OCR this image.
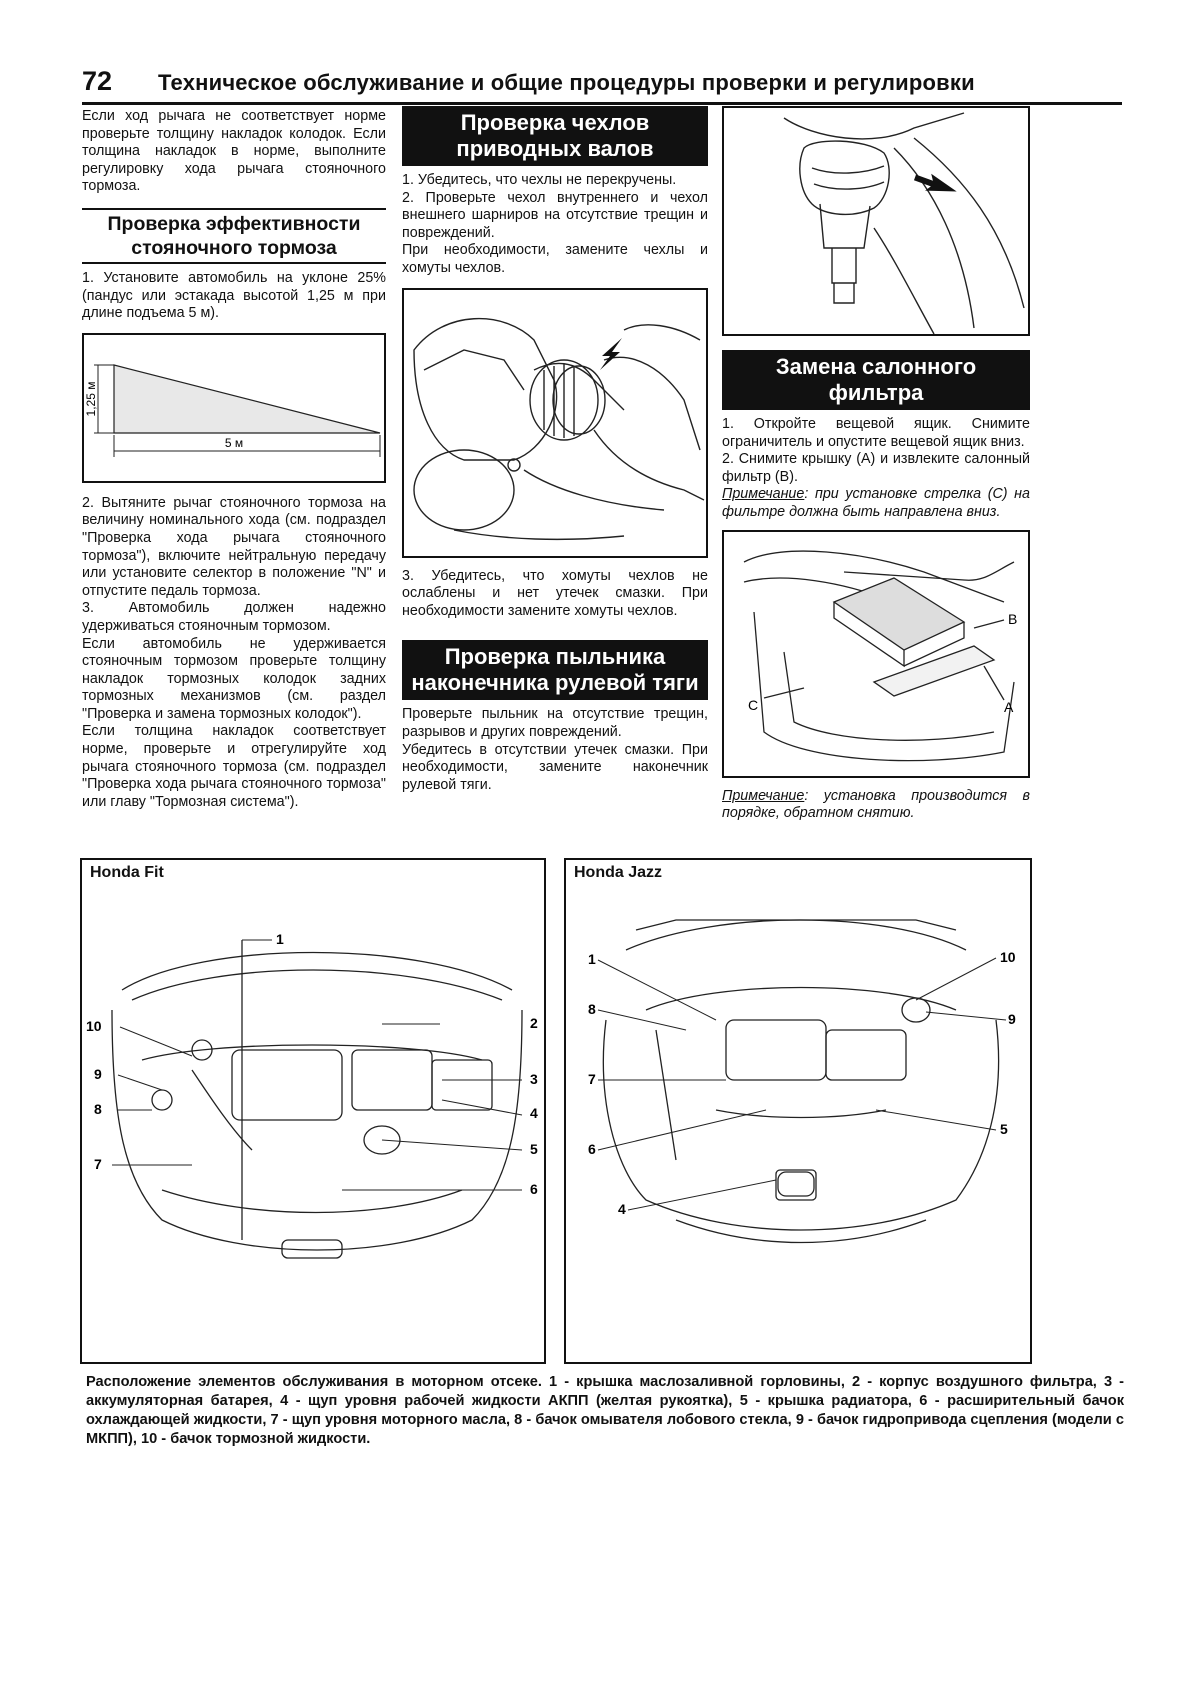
72 Техническое обслуживание и общие процедуры проверки и регулировки

Если ход рычага не соответствует норме проверьте толщину накладок колодок. Если толщина накладок в норме, выполните регулировку хода рычага стояночного тормоза.

Проверка эффективности стояночного тормоза

1. Установите автомобиль на уклоне 25% (пандус или эстакада высотой 1,25 м при длине подъема 5 м).

1,25 м
5 м

2. Вытяните рычаг стояночного тормоза на величину номинального хода (см. подраздел "Проверка хода рычага стояночного тормоза"), включите нейтральную передачу или установите селектор в положение "N" и отпустите педаль тормоза.

3. Автомобиль должен надежно удерживаться стояночным тормозом.

Если автомобиль не удерживается стояночным тормозом проверьте толщину накладок тормозных колодок задних тормозных механизмов (см. раздел "Проверка и замена тормозных колодок").

Если толщина накладок соответствует норме, проверьте и отрегулируйте ход рычага стояночного тормоза (см. подраздел "Проверка хода рычага стояночного тормоза" или главу "Тормозная система").

Проверка чехлов приводных валов

1. Убедитесь, что чехлы не перекручены.

2. Проверьте чехол внутреннего и чехол внешнего шарниров на отсутствие трещин и повреждений.

При необходимости, замените чехлы и хомуты чехлов.

3. Убедитесь, что хомуты чехлов не ослаблены и нет утечек смазки. При необходимости замените хомуты чехлов.

Проверка пыльника наконечника рулевой тяги

Проверьте пыльник на отсутствие трещин, разрывов и других повреждений.

Убедитесь в отсутствии утечек смазки. При необходимости, замените наконечник рулевой тяги.

Замена салонного фильтра

1. Откройте вещевой ящик. Снимите ограничитель и опустите вещевой ящик вниз.

2. Снимите крышку (A) и извлеките салонный фильтр (B).

Примечание: при установке стрелка (C) на фильтре должна быть направлена вниз.

B
A
C

Примечание: установка производится в порядке, обратном снятию.

Honda Fit
1
2
3
4
5
6
7
8
9
10
Honda Jazz
1
8
7
6
4
10
9
5
Расположение элементов обслуживания в моторном отсеке. 1 - крышка маслозаливной горловины, 2 - корпус воздушного фильтра, 3 - аккумуляторная батарея, 4 - щуп уровня рабочей жидкости АКПП (желтая рукоятка), 5 - крышка радиатора, 6 - расширительный бачок охлаждающей жидкости, 7 - щуп уровня моторного масла, 8 - бачок омывателя лобового стекла, 9 - бачок гидропривода сцепления (модели с МКПП), 10 - бачок тормозной жидкости.
